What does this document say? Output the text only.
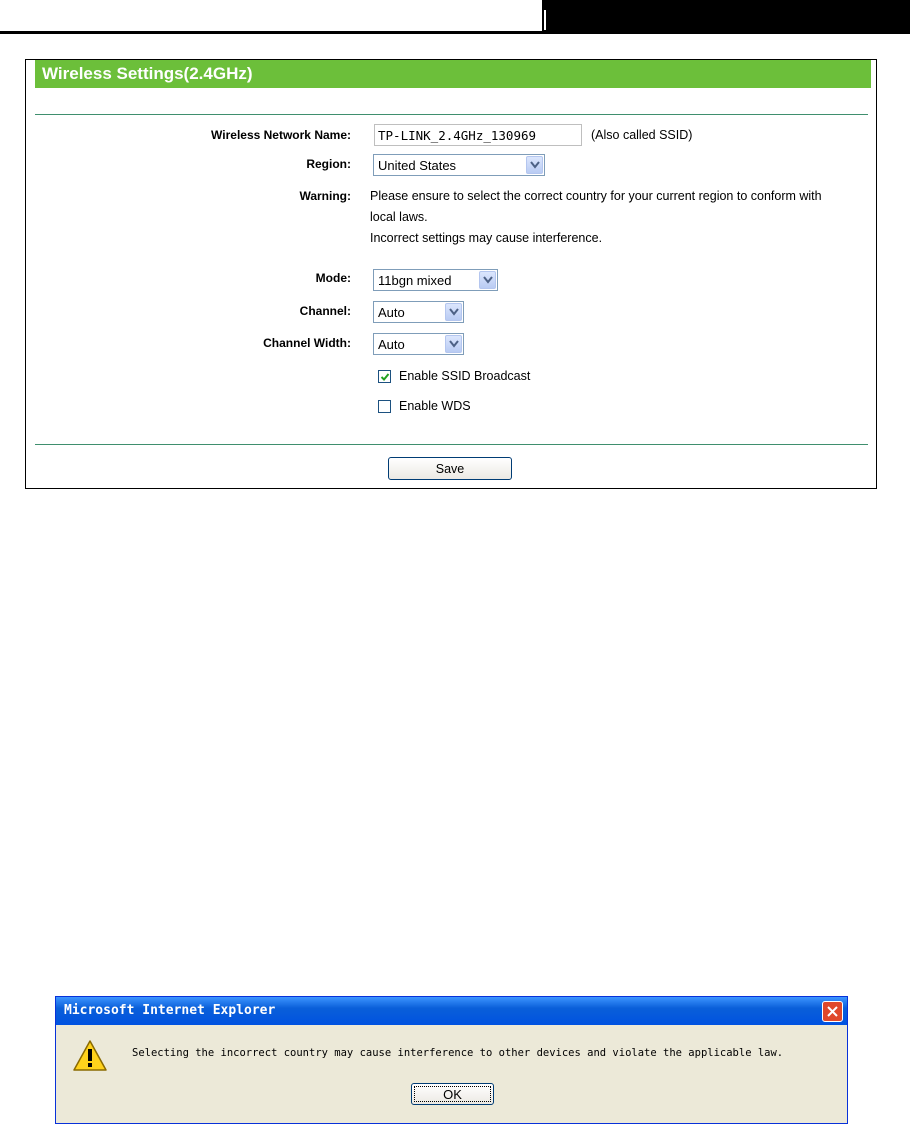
Wireless Settings(2.4GHz)
Wireless Network Name:
TP-LINK_2.4GHz_130969	(Also called SSID)
Region: United States
Warning: Please ensure to select the correct country for your current region to conform with
local laws.
Incorrect settings may cause interference.
Mode: 11bgn mixed
Channel: Auto
Channel Width: Auto
Enable SSID Broadcast
Enable WDS
Save
Microsoft Internet Explorer
Selecting the incorrect country may cause interference to other devices and violate the applicable law.
OK
